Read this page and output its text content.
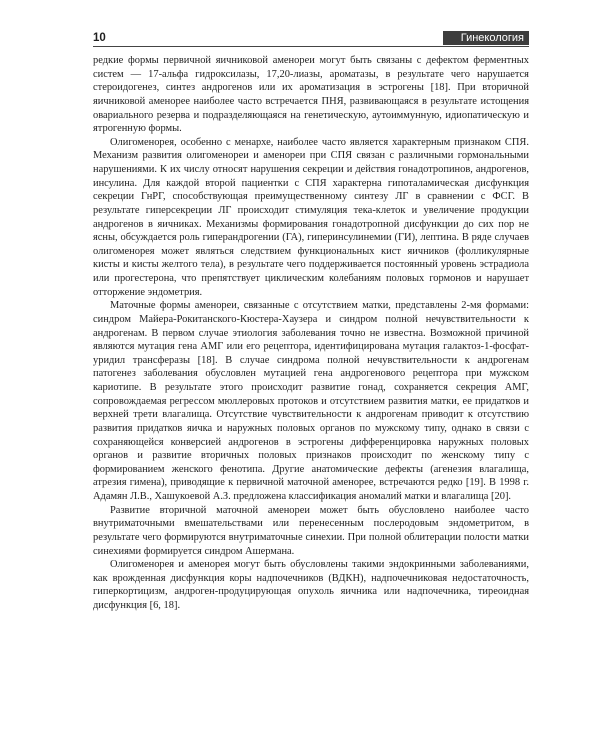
10	Гинекология

редкие формы первичной яичниковой аменореи могут быть связаны с дефектом ферментных систем — 17-альфа гидроксилазы, 17,20-лиазы, ароматазы, в результате чего нарушается стероидогенез, синтез андрогенов или их ароматизация в эстрогены [18]. При вторичной яичниковой аменорее наиболее часто встречается ПНЯ, развивающаяся в результате истощения овариального резерва и подразделяющаяся на генетическую, аутоиммунную, идиопатическую и ятрогенную формы.

Олигоменорея, особенно с менархе, наиболее часто является характерным признаком СПЯ. Механизм развития олигоменореи и аменореи при СПЯ связан с различными гормональными нарушениями. К их числу относят нарушения секреции и действия гонадотропинов, андрогенов, инсулина. Для каждой второй пациентки с СПЯ характерна гипоталамическая дисфункция секреции ГнРГ, способствующая преимущественному синтезу ЛГ в сравнении с ФСГ. В результате гиперсекреции ЛГ происходит стимуляция тека-клеток и увеличение продукции андрогенов в яичниках. Механизмы формирования гонадотропной дисфункции до сих пор не ясны, обсуждается роль гиперандрогении (ГА), гиперинсулинемии (ГИ), лептина. В ряде случаев олигоменорея может являться следствием функциональных кист яичников (фолликулярные кисты и кисты желтого тела), в результате чего поддерживается постоянный уровень эстрадиола или прогестерона, что препятствует циклическим колебаниям половых гормонов и нарушает отторжение эндометрия.

Маточные формы аменореи, связанные с отсутствием матки, представлены 2-мя формами: синдром Майера-Рокитанского-Кюстера-Хаузера и синдром полной нечувствительности к андрогенам. В первом случае этиология заболевания точно не известна. Возможной причиной являются мутация гена АМГ или его рецептора, идентифицирована мутация галактоз-1-фосфат-уридил трансферазы [18]. В случае синдрома полной нечувствительности к андрогенам патогенез заболевания обусловлен мутацией гена андрогенового рецептора при мужском кариотипе. В результате этого происходит развитие гонад, сохраняется секреция АМГ, сопровождаемая регрессом мюллеровых протоков и отсутствием развития матки, ее придатков и верхней трети влагалища. Отсутствие чувствительности к андрогенам приводит к отсутствию развития придатков яичка и наружных половых органов по мужскому типу, однако в связи с сохраняющейся конверсией андрогенов в эстрогены дифференцировка наружных половых органов и развитие вторичных половых признаков происходит по женскому типу с формированием женского фенотипа. Другие анатомические дефекты (агенезия влагалища, атрезия гимена), приводящие к первичной маточной аменорее, встречаются редко [19]. В 1998 г. Адамян Л.В., Хашукоевой А.З. предложена классификация аномалий матки и влагалища [20].

Развитие вторичной маточной аменореи может быть обусловлено наиболее часто внутриматочными вмешательствами или перенесенным послеродовым эндометритом, в результате чего формируются внутриматочные синехии. При полной облитерации полости матки синехиями формируется синдром Ашермана.

Олигоменорея и аменорея могут быть обусловлены такими эндокринными заболеваниями, как врожденная дисфункция коры надпочечников (ВДКН), надпочечниковая недостаточность, гиперкортицизм, андроген-продуцирующая опухоль яичника или надпочечника, тиреоидная дисфункция [6, 18].
